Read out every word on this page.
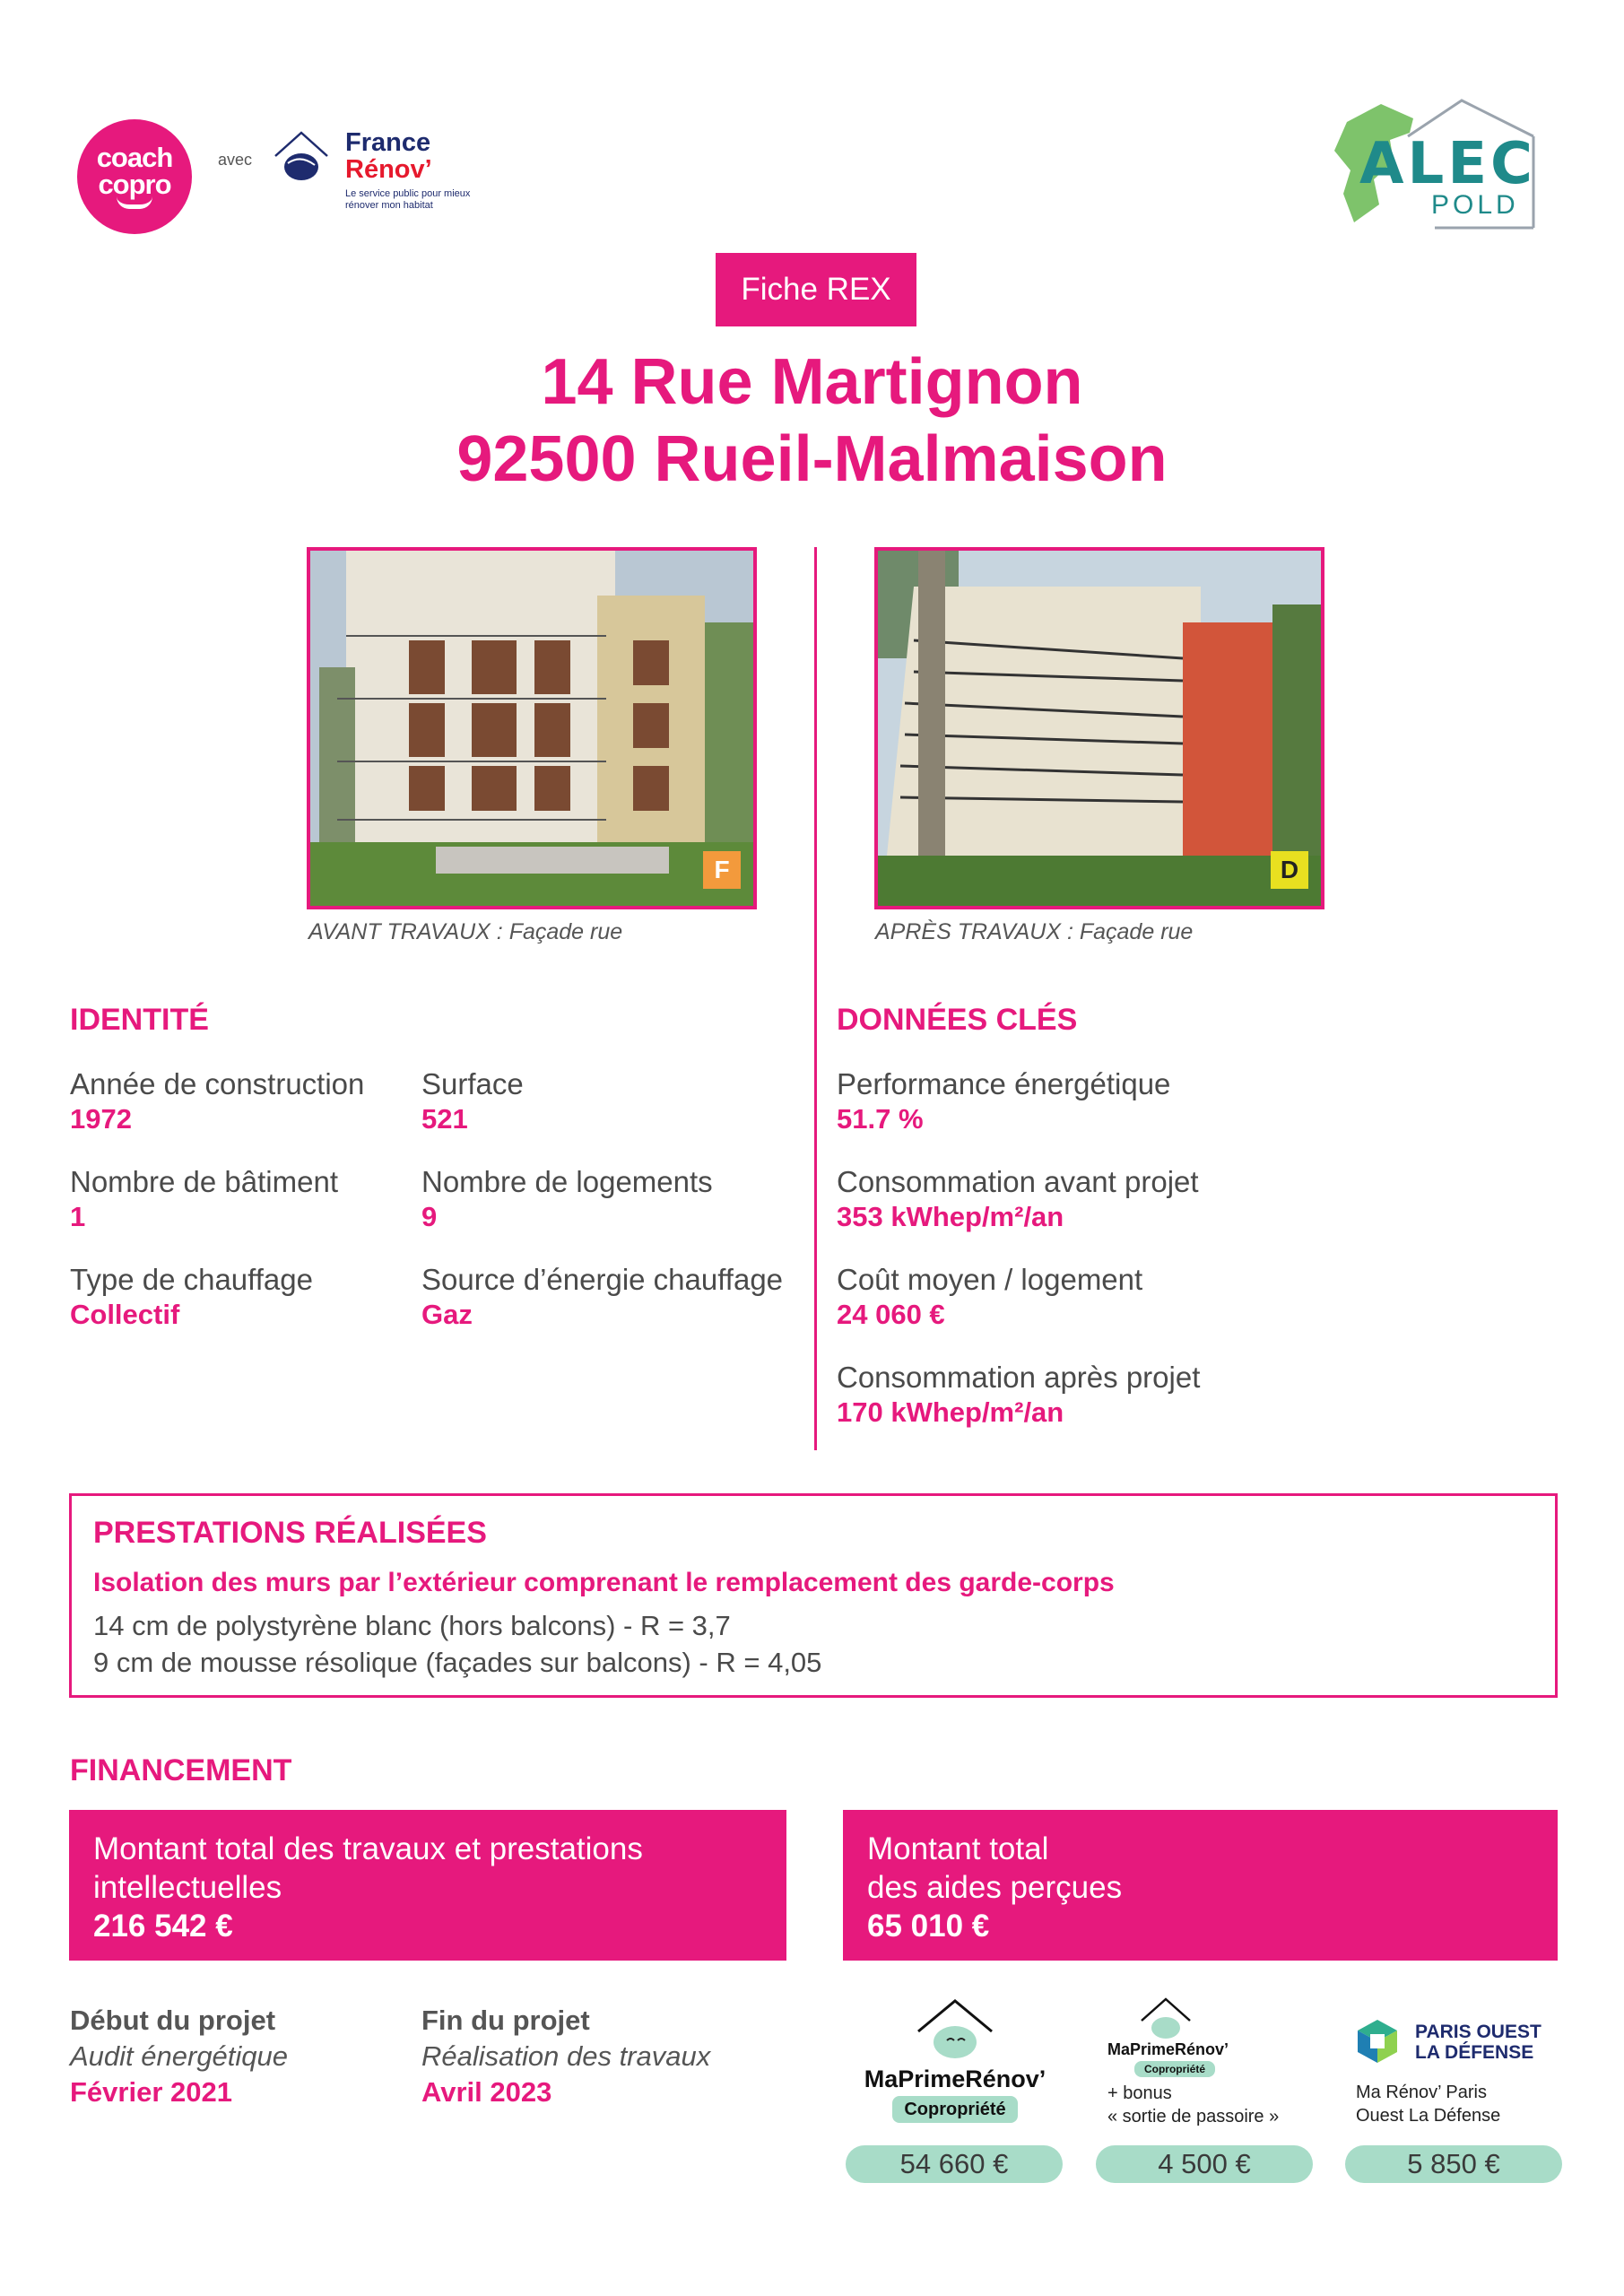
coach
copro
avec
France
Rénov’
Le service public pour mieux rénover mon habitat
ALEC
POLD
Fiche REX
14 Rue Martignon
92500 Rueil-Malmaison
F
AVANT TRAVAUX : Façade rue
D
APRÈS TRAVAUX : Façade rue
IDENTITÉ
Année de construction
1972
Surface
521
Nombre de bâtiment
1
Nombre de logements
9
Type de chauffage
Collectif
Source d’énergie chauffage
Gaz
DONNÉES CLÉS
Performance énergétique
51.7 %
Consommation avant projet
353 kWhep/m²/an
Coût moyen / logement
24 060 €
Consommation après projet
170 kWhep/m²/an
PRESTATIONS RÉALISÉES
Isolation des murs par l’extérieur comprenant le remplacement des garde-corps
14 cm de polystyrène blanc (hors balcons) - R = 3,7
9 cm de mousse résolique (façades sur balcons) - R = 4,05
FINANCEMENT
Montant total des travaux et prestations
intellectuelles
216 542 €
Montant total
des aides perçues
65 010 €
Début du projet
Audit énergétique
Février 2021
Fin du projet
Réalisation des travaux
Avril 2023	MaPrimeRénov’
Copropriété
54 660 €
MaPrimeRénov’
Copropriété
+ bonus
« sortie de passoire »
4 500 €
PARIS OUEST
LA DÉFENSE
Ma Rénov’ Paris
Ouest La Défense
5 850 €
